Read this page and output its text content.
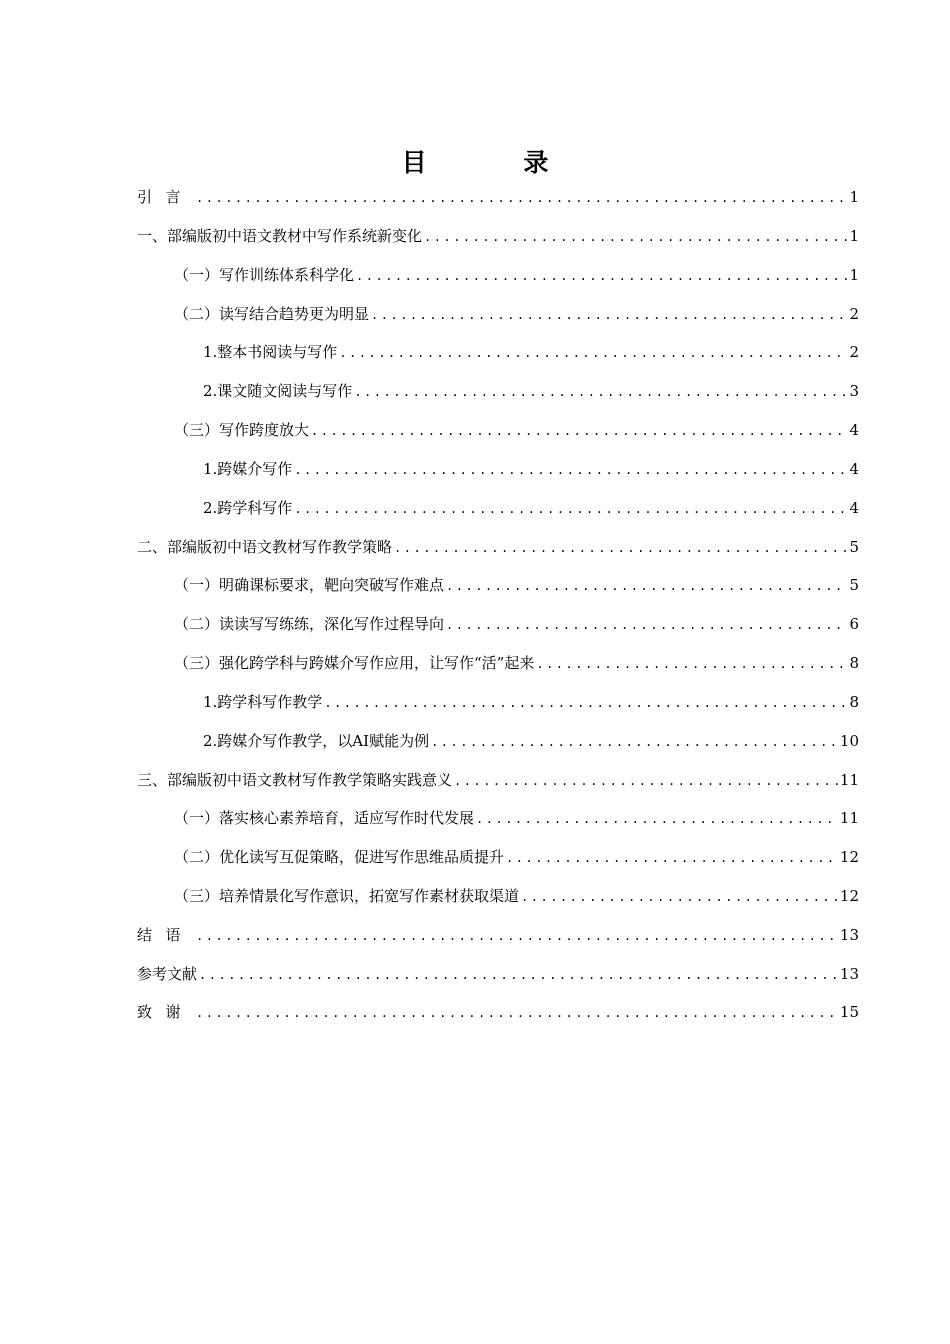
目 录
引言 .....	1
一、部编版初中语文教材中写作系统新变化 .....	1
（一）写作训练体系科学化 .....	1
（二）读写结合趋势更为明显 .....	2
1.整本书阅读与写作 .....	2
2.课文随文阅读与写作 .....	3
（三）写作跨度放大 .....	4
1.跨媒介写作 .....	4
2.跨学科写作 .....	4
二、部编版初中语文教材写作教学策略 .....	5
（一）明确课标要求，靶向突破写作难点 .....	5
（二）读读写写练练，深化写作过程导向 .....	6
（三）强化跨学科与跨媒介写作应用，让写作“活”起来 .....	8
1.跨学科写作教学 .....	8
2.跨媒介写作教学，以AI赋能为例 .....	10
三、部编版初中语文教材写作教学策略实践意义 .....	11
（一）落实核心素养培育，适应写作时代发展 .....	11
（二）优化读写互促策略，促进写作思维品质提升 .....	12
（三）培养情景化写作意识，拓宽写作素材获取渠道 .....	12
结语 .....	13
参考文献 .....	13
致谢 .....	15
